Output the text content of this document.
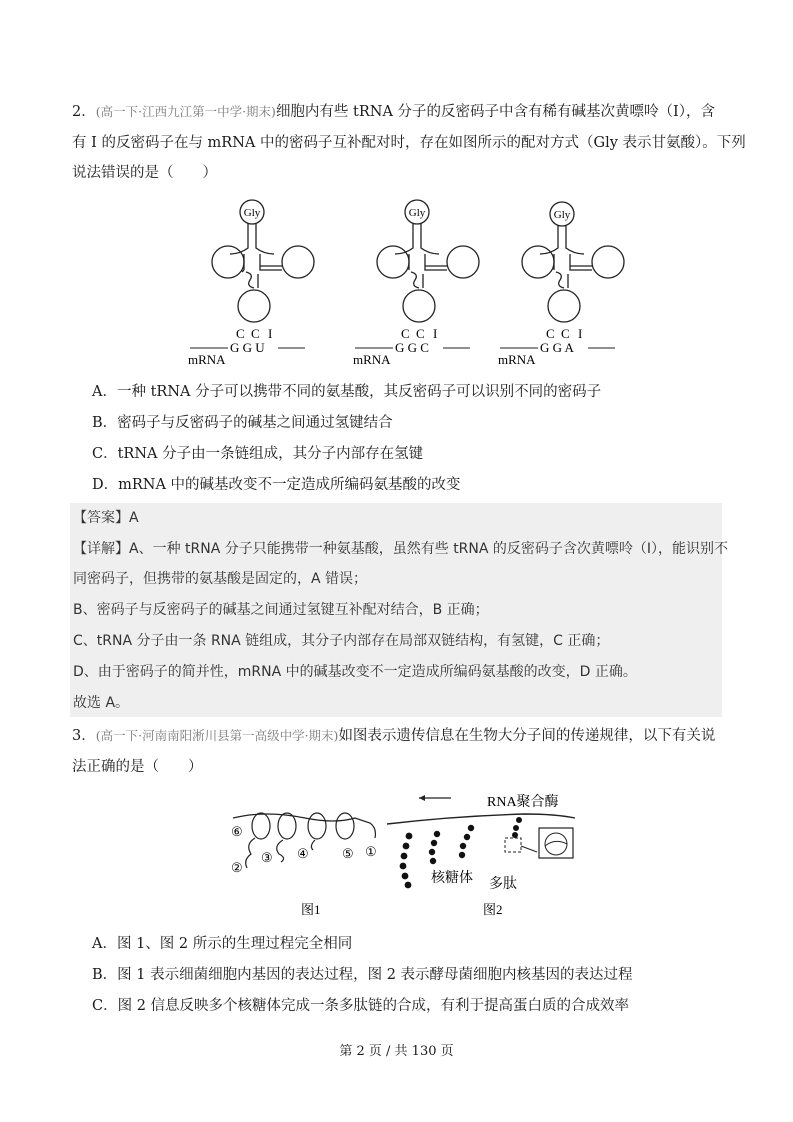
2．(高一下·江西九江第一中学·期末)细胞内有些 tRNA 分子的反密码子中含有稀有碱基次黄嘌呤（I），含
有 I 的反密码子在与 mRNA 中的密码子互补配对时，存在如图所示的配对方式（Gly 表示甘氨酸）。下列
说法错误的是（　　）
Gly
C C I
G G U
mRNA
Gly
C C I
G G C
mRNA
Gly
C C I
G G A
mRNA
A．一种 tRNA 分子可以携带不同的氨基酸，其反密码子可以识别不同的密码子
B．密码子与反密码子的碱基之间通过氢键结合
C．tRNA 分子由一条链组成，其分子内部存在氢键
D．mRNA 中的碱基改变不一定造成所编码氨基酸的改变
【答案】A
【详解】A、一种 tRNA 分子只能携带一种氨基酸，虽然有些 tRNA 的反密码子含次黄嘌呤（I），能识别不
同密码子，但携带的氨基酸是固定的，A 错误；
B、密码子与反密码子的碱基之间通过氢键互补配对结合，B 正确；
C、tRNA 分子由一条 RNA 链组成，其分子内部存在局部双链结构，有氢键，C 正确；
D、由于密码子的简并性，mRNA 中的碱基改变不一定造成所编码氨基酸的改变，D 正确。
故选 A。
3．(高一下·河南南阳淅川县第一高级中学·期末)如图表示遗传信息在生物大分子间的传递规律，以下有关说
法正确的是（　　）
⑥
②
③ ④	⑤ ①
图1
RNA聚合酶
核糖体 多肽
图2
A．图 1、图 2 所示的生理过程完全相同
B．图 1 表示细菌细胞内基因的表达过程，图 2 表示酵母菌细胞内核基因的表达过程
C．图 2 信息反映多个核糖体完成一条多肽链的合成，有利于提高蛋白质的合成效率
第 2 页 / 共 130 页
